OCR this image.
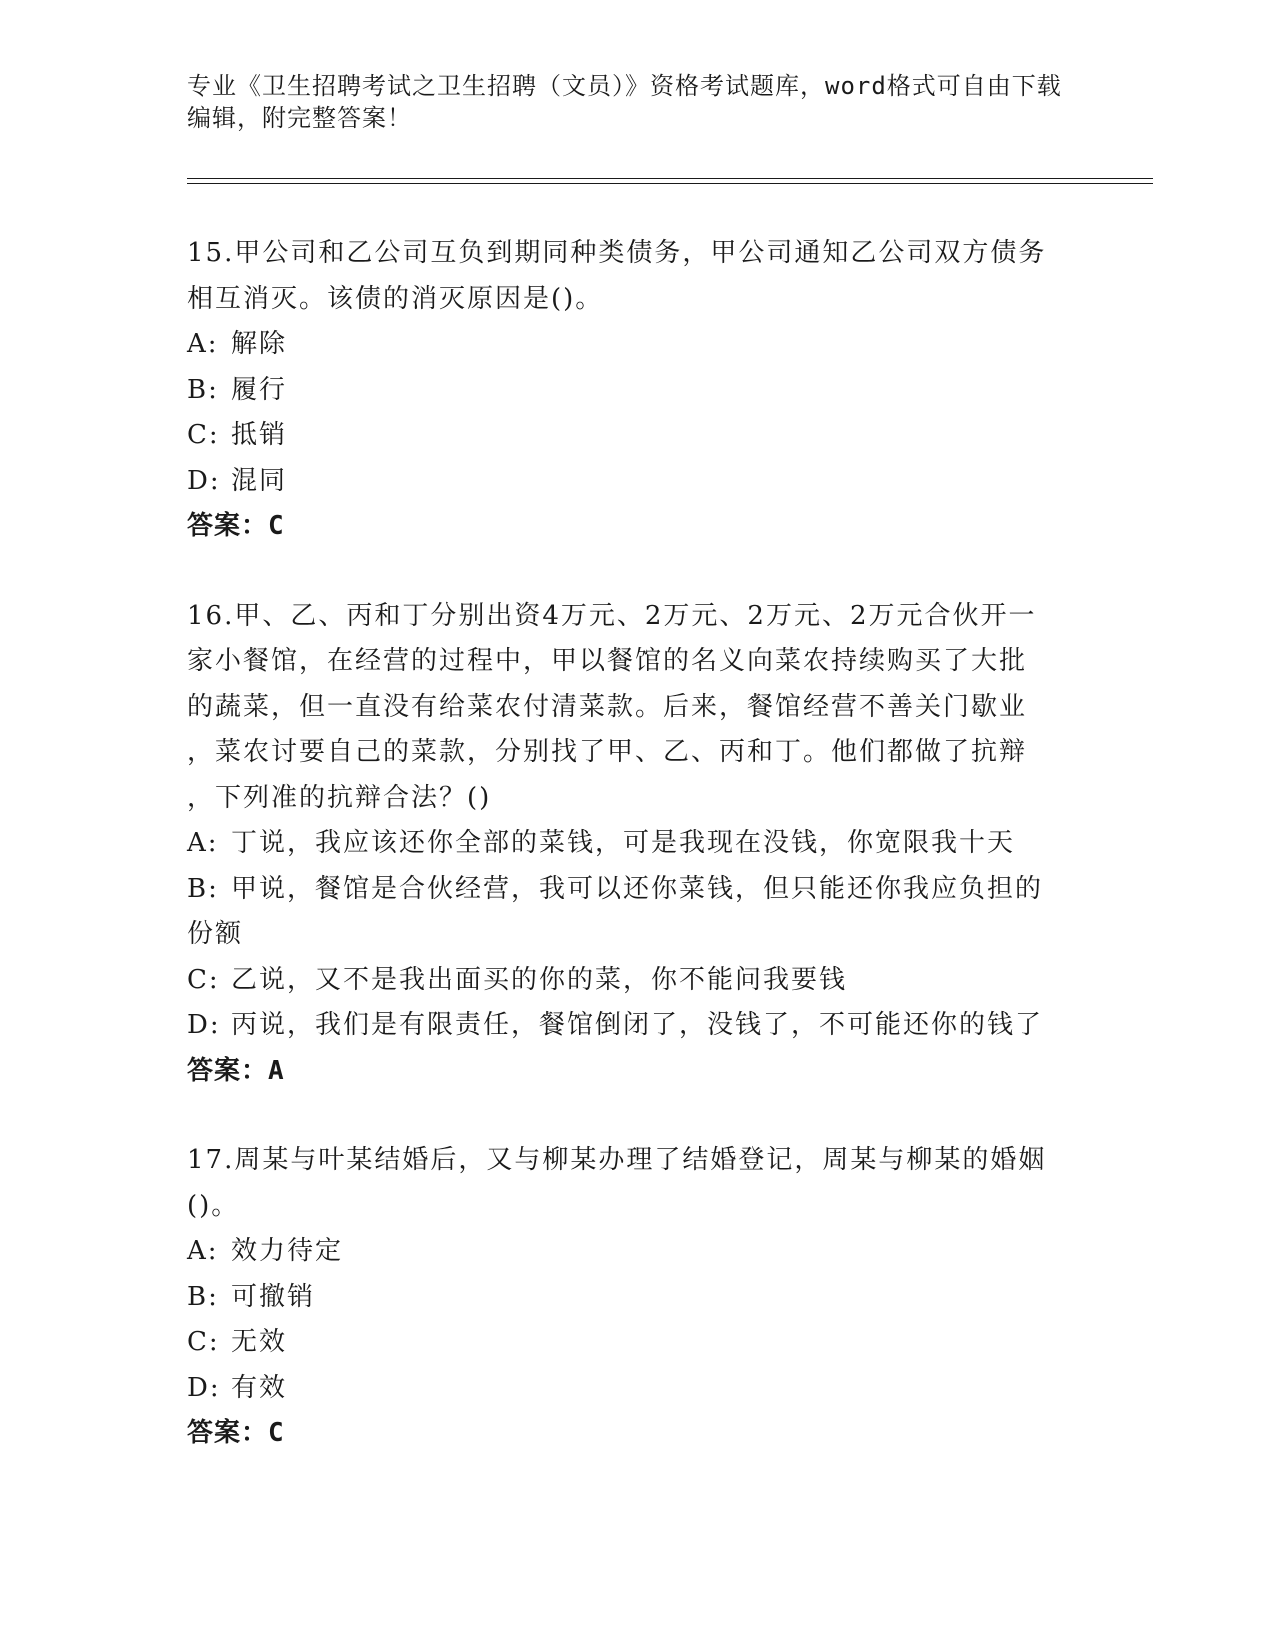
专业《卫生招聘考试之卫生招聘（文员）》资格考试题库，word格式可自由下载
编辑，附完整答案！
15.甲公司和乙公司互负到期同种类债务，甲公司通知乙公司双方债务
相互消灭。该债的消灭原因是()。
A: 解除
B: 履行
C: 抵销
D: 混同
答案：C
16.甲、乙、丙和丁分别出资4万元、2万元、2万元、2万元合伙开一
家小餐馆，在经营的过程中，甲以餐馆的名义向菜农持续购买了大批
的蔬菜，但一直没有给菜农付清菜款。后来，餐馆经营不善关门歇业
，菜农讨要自己的菜款，分别找了甲、乙、丙和丁。他们都做了抗辩
，下列准的抗辩合法？()
A: 丁说，我应该还你全部的菜钱，可是我现在没钱，你宽限我十天
B: 甲说，餐馆是合伙经营，我可以还你菜钱，但只能还你我应负担的
份额
C: 乙说，又不是我出面买的你的菜，你不能问我要钱
D: 丙说，我们是有限责任，餐馆倒闭了，没钱了，不可能还你的钱了
答案：A
17.周某与叶某结婚后，又与柳某办理了结婚登记，周某与柳某的婚姻
()。
A: 效力待定
B: 可撤销
C: 无效
D: 有效
答案：C
